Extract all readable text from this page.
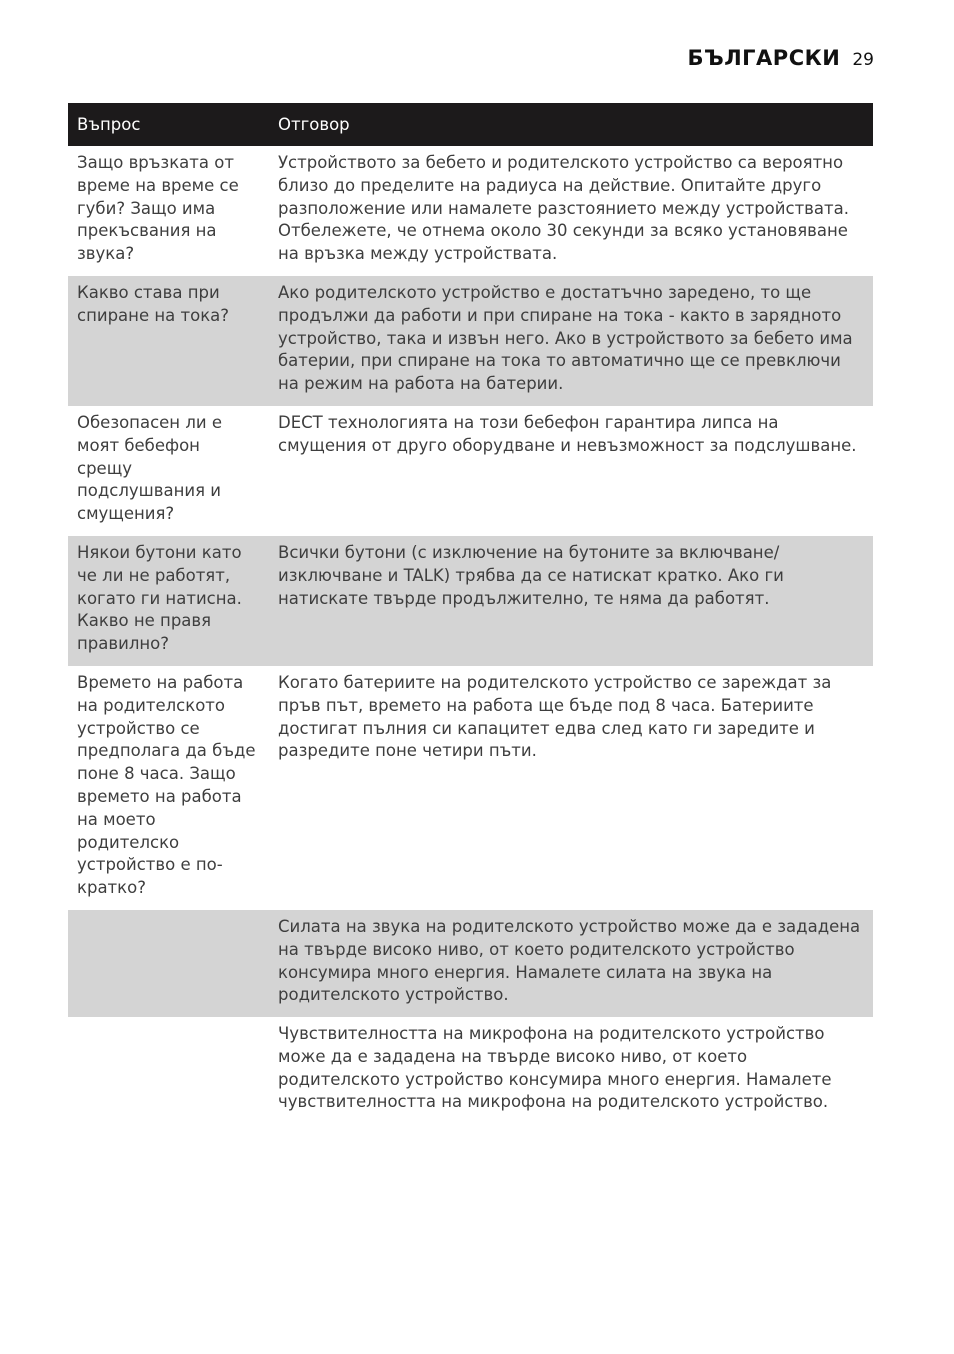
БЪЛГАРСКИ 29
Въпрос	Отговор
Защо връзката от време на време се губи? Защо има прекъсвания на звука?	Устройството за бебето и родителското устройство са вероятно близо до пределите на радиуса на действие. Опитайте друго разположение или намалете разстоянието между устройствата. Отбележете, че отнема около 30 секунди за всяко установяване на връзка между устройствата.
Какво става при спиране на тока?	Ако родителското устройство е достатъчно заредено, то ще продължи да работи и при спиране на тока - както в зарядното устройство, така и извън него. Ако в устройството за бебето има батерии, при спиране на тока то автоматично ще се превключи на режим на работа на батерии.
Обезопасен ли е моят бебефон срещу подслушвания и смущения?	DECT технологията на този бебефон гарантира липса на смущения от друго оборудване и невъзможност за подслушване.
Някои бутони като че ли не работят, когато ги натисна. Какво не правя правилно?	Всички бутони (с изключение на бутоните за включване/изключване и TALK) трябва да се натискат кратко. Ако ги натискате твърде продължително, те няма да работят.
Времето на работа на родителското устройство се предполага да бъде поне 8 часа. Защо времето на работа на моето родителско устройство е по-кратко?	Когато батериите на родителското устройство се зареждат за пръв път, времето на работа ще бъде под 8 часа. Батериите достигат пълния си капацитет едва след като ги заредите и разредите поне четири пъти.
	Силата на звука на родителското устройство може да е зададена на твърде високо ниво, от което родителското устройство консумира много енергия. Намалете силата на звука на родителското устройство.
	Чувствителността на микрофона на родителското устройство може да е зададена на твърде високо ниво, от което родителското устройство консумира много енергия. Намалете чувствителността на микрофона на родителското устройство.
